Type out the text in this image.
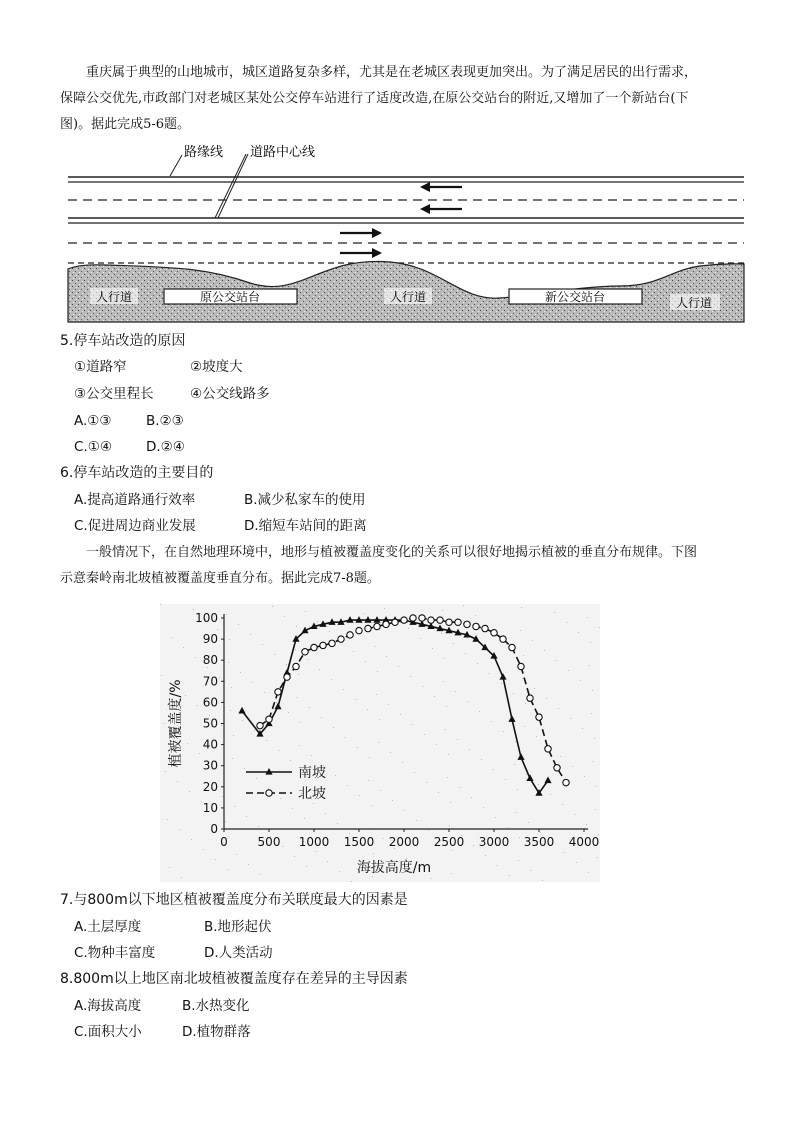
重庆属于典型的山地城市，城区道路复杂多样，尤其是在老城区表现更加突出。为了满足居民的出行需求，
保障公交优先,市政部门对老城区某处公交停车站进行了适度改造,在原公交站台的附近,又增加了一个新站台(下
图)。据此完成5-6题。
原公交站台	新公交站台
人行道	人行道	人行道
路缘线 道路中心线
5.停车站改造的原因
①道路窄	②坡度大
③公交里程长	④公交线路多
A.①③	B.②③
C.①④	D.②④
6.停车站改造的主要目的
A.提高道路通行效率	B.减少私家车的使用
C.促进周边商业发展	D.缩短车站间的距离
一般情况下，在自然地理环境中，地形与植被覆盖度变化的关系可以很好地揭示植被的垂直分布规律。下图
示意秦岭南北坡植被覆盖度垂直分布。据此完成7-8题。
0
10
20
30
40
50
60
70
80
90
100
0 500 1000 1500 2000 2500 3000 3500 4000
海拔高度/m
植被覆盖度/%
南坡
北坡
7.与800m以下地区植被覆盖度分布关联度最大的因素是
A.土层厚度	B.地形起伏
C.物种丰富度	D.人类活动
8.800m以上地区南北坡植被覆盖度存在差异的主导因素
A.海拔高度	B.水热变化
C.面积大小	D.植物群落
